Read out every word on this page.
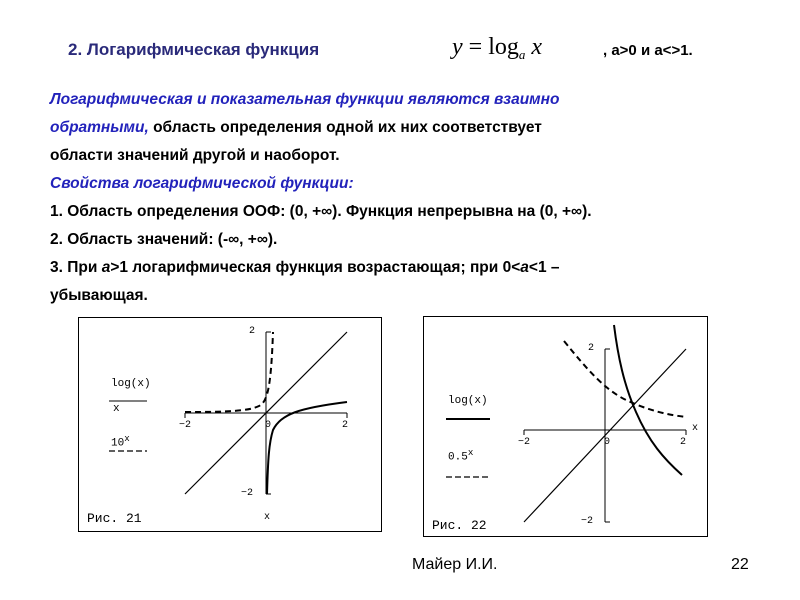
2. Логарифмическая функция	$y = \log_a x$	, a>0 и a<>1.
Логарифмическая и показательная функции являются взаимно
обратными, область определения одной их них соответствует
области значений другой и наоборот.
Свойства логарифмической функции:
1. Область определения ООФ: (0, +∞). Функция непрерывна на (0, +∞).
2. Область значений: (-∞, +∞).
3. При a>1 логарифмическая функция возрастающая; при 0<a<1 –
убывающая.
log(x)
x
$10^x$
−2	0	2
2
−2
x
Рис. 21
log(x)
$0.5^x$
−2	0	2
x
2
−2
Рис. 22
Майер И.И.	22
